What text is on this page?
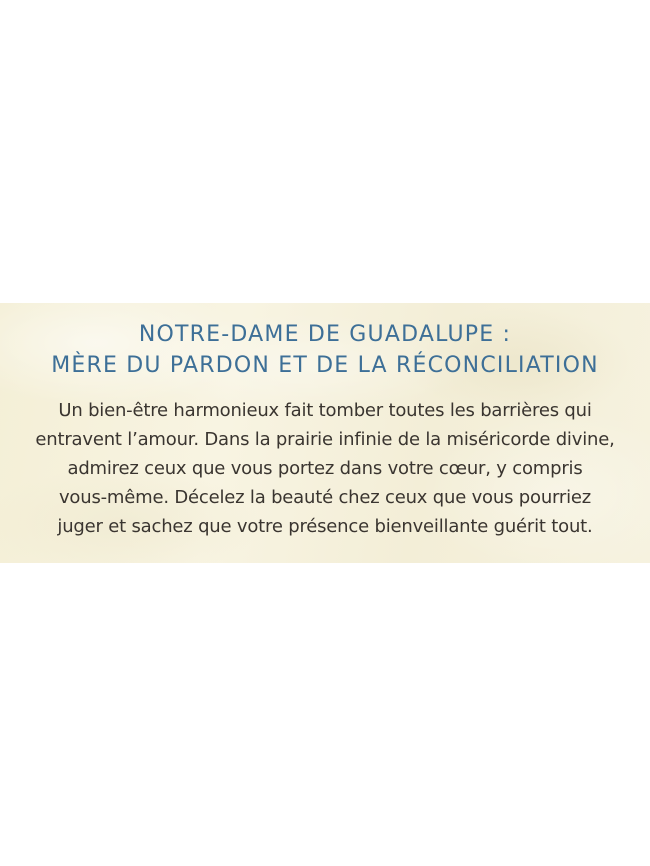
NOTRE-DAME DE GUADALUPE :
MÈRE DU PARDON ET DE LA RÉCONCILIATION
Un bien-être harmonieux fait tomber toutes les barrières qui
entravent l’amour. Dans la prairie infinie de la miséricorde divine,
admirez ceux que vous portez dans votre cœur, y compris
vous-même. Décelez la beauté chez ceux que vous pourriez
juger et sachez que votre présence bienveillante guérit tout.
